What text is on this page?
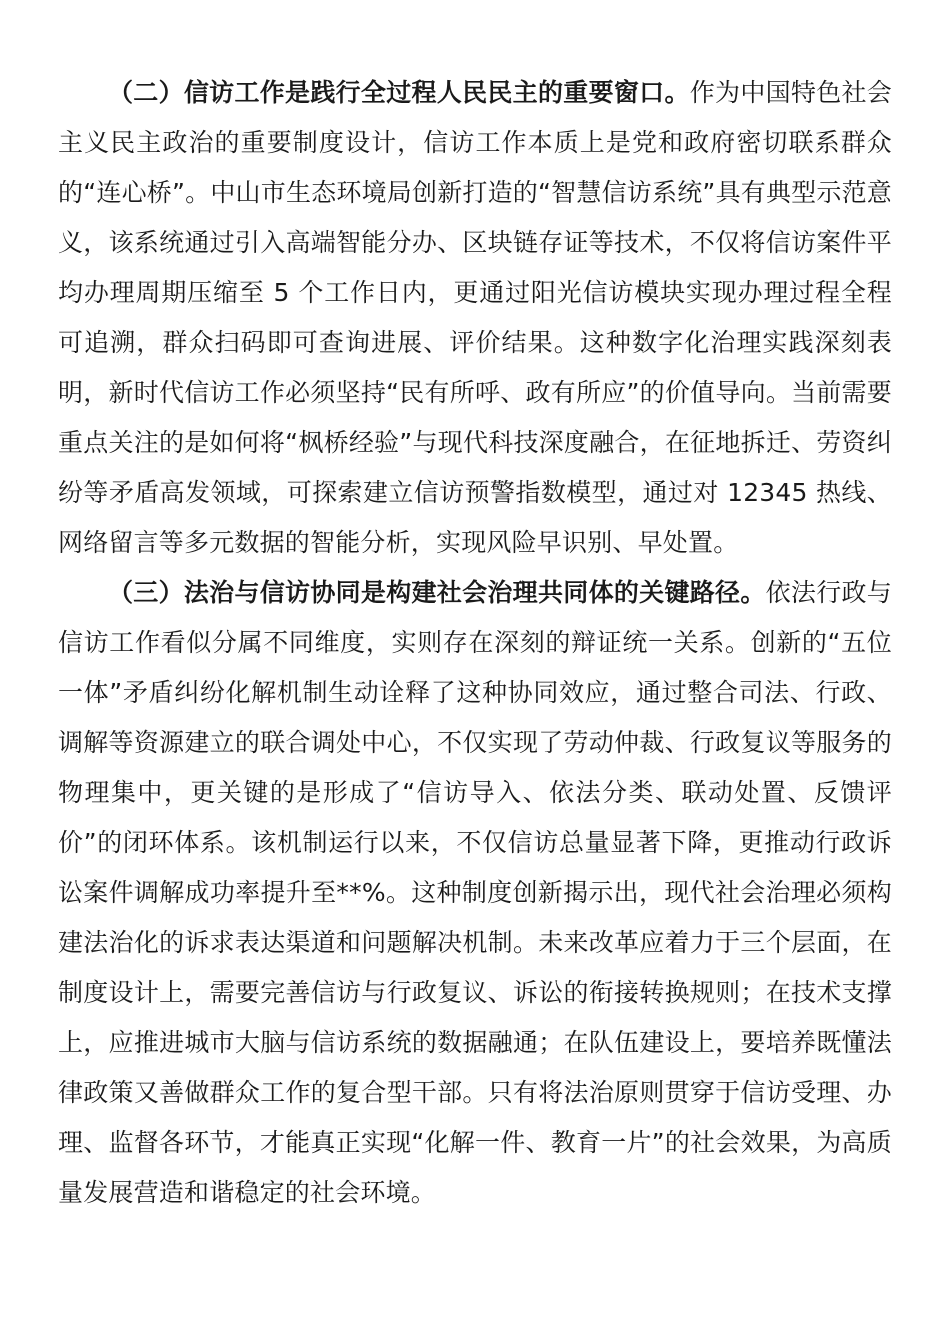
（二）信访工作是践行全过程人民民主的重要窗口。作为中国特色社会主义民主政治的重要制度设计，信访工作本质上是党和政府密切联系群众的“连心桥”。中山市生态环境局创新打造的“智慧信访系统”具有典型示范意义，该系统通过引入高端智能分办、区块链存证等技术，不仅将信访案件平均办理周期压缩至 5 个工作日内，更通过阳光信访模块实现办理过程全程可追溯，群众扫码即可查询进展、评价结果。这种数字化治理实践深刻表明，新时代信访工作必须坚持“民有所呼、政有所应”的价值导向。当前需要重点关注的是如何将“枫桥经验”与现代科技深度融合，在征地拆迁、劳资纠纷等矛盾高发领域，可探索建立信访预警指数模型，通过对 12345 热线、网络留言等多元数据的智能分析，实现风险早识别、早处置。

（三）法治与信访协同是构建社会治理共同体的关键路径。依法行政与信访工作看似分属不同维度，实则存在深刻的辩证统一关系。创新的“五位一体”矛盾纠纷化解机制生动诠释了这种协同效应，通过整合司法、行政、调解等资源建立的联合调处中心，不仅实现了劳动仲裁、行政复议等服务的物理集中，更关键的是形成了“信访导入、依法分类、联动处置、反馈评价”的闭环体系。该机制运行以来，不仅信访总量显著下降，更推动行政诉讼案件调解成功率提升至**%。这种制度创新揭示出，现代社会治理必须构建法治化的诉求表达渠道和问题解决机制。未来改革应着力于三个层面，在制度设计上，需要完善信访与行政复议、诉讼的衔接转换规则；在技术支撑上，应推进城市大脑与信访系统的数据融通；在队伍建设上，要培养既懂法律政策又善做群众工作的复合型干部。只有将法治原则贯穿于信访受理、办理、监督各环节，才能真正实现“化解一件、教育一片”的社会效果，为高质量发展营造和谐稳定的社会环境。
